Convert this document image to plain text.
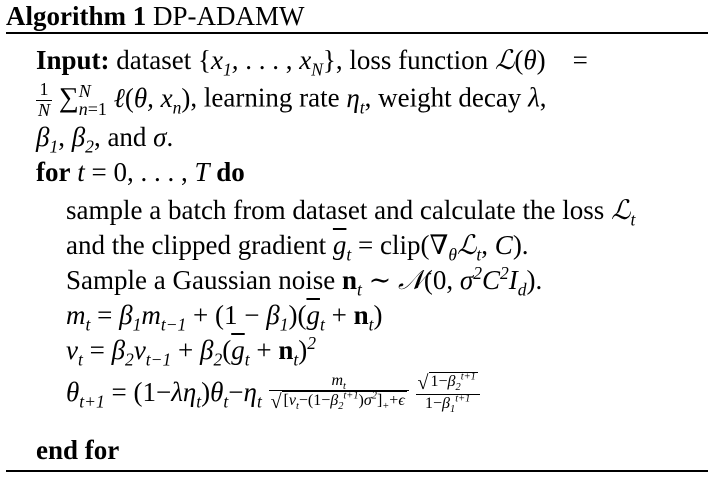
Algorithm 1 DP-ADAMW
Input: dataset {$x_1$, . . . , $x_N$}, loss function ℒ(θ) =
$\frac{1}{N}$ ∑ N
n=1 ℓ(θ, $x_n$), learning rate $\eta_t$, weight decay λ,
$\beta_1$, $\beta_2$, and σ.
for t = 0, . . . , T do
sample a batch from dataset and calculate the loss ℒ$_t$
and the clipped gradient $\overline{g}_t$ = $clip(\nabla_\theta ℒ_t$, C).
Sample a Gaussian noise $n_t$ ∼ 𝒩(0, $\sigma^2C^2I_d$).
$m_t = \beta_1m_{t-1} + (1 - \beta_1)(\overline{g}_t + n_t)$
$v_t = \beta_2v_{t-1} + \beta_2(\overline{g}_t + n_t)^2$
$\theta_{t+1} = (1-\lambda\eta_t)\theta_t-\eta_t \frac{m_t}{√ [v_t-(1-\beta_2^{t+1})\sigma^2]_++\epsilon}$
$\frac{√ 1-\beta_2^{t+1}}{1-\beta_1^{t+1}}$
end for
